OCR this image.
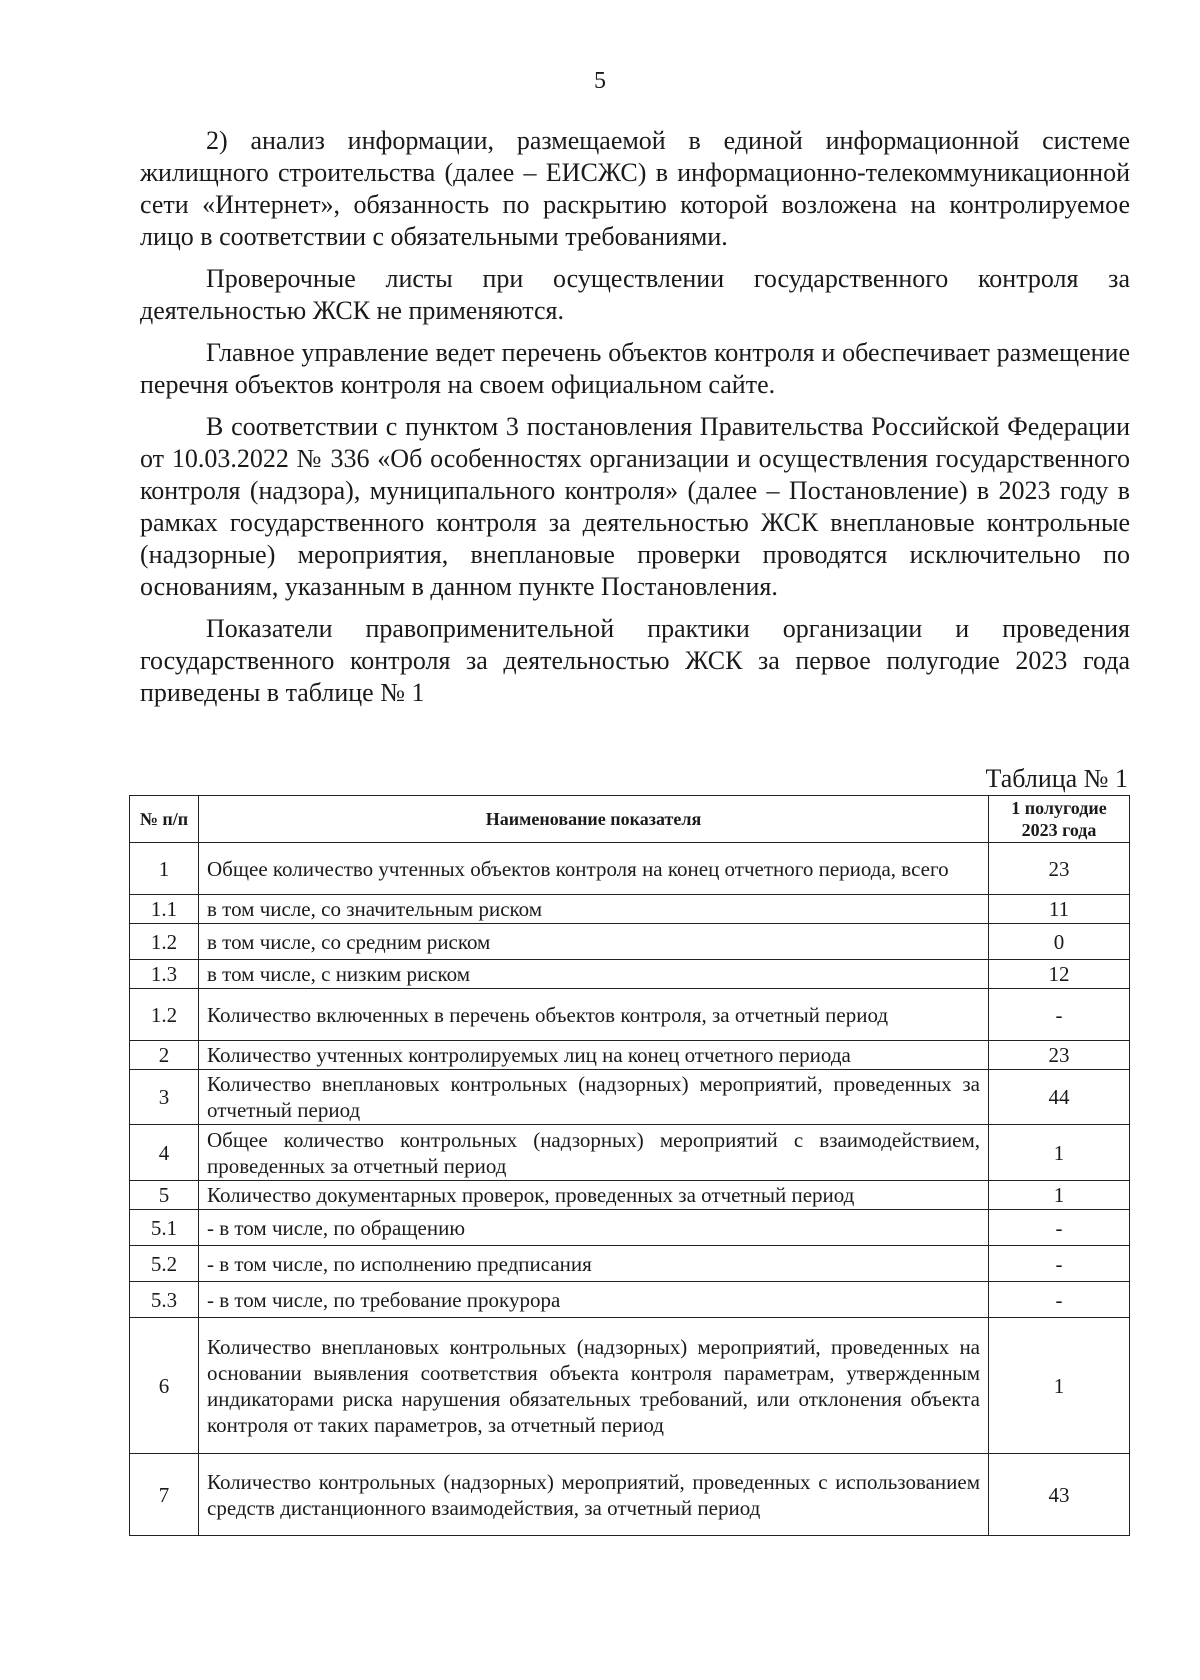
5

2) анализ информации, размещаемой в единой информационной системе жилищного строительства (далее – ЕИСЖС) в информационно-телекоммуникационной сети «Интернет», обязанность по раскрытию которой возложена на контролируемое лицо в соответствии с обязательными требованиями.

Проверочные листы при осуществлении государственного контроля за деятельностью ЖСК не применяются.

Главное управление ведет перечень объектов контроля и обеспечивает размещение перечня объектов контроля на своем официальном сайте.

В соответствии с пунктом 3 постановления Правительства Российской Федерации от 10.03.2022 № 336 «Об особенностях организации и осуществления государственного контроля (надзора), муниципального контроля» (далее – Постановление) в 2023 году в рамках государственного контроля за деятельностью ЖСК внеплановые контрольные (надзорные) мероприятия, внеплановые проверки проводятся исключительно по основаниям, указанным в данном пункте Постановления.

Показатели правоприменительной практики организации и проведения государственного контроля за деятельностью ЖСК за первое полугодие 2023 года приведены в таблице № 1

Таблица № 1
№ п/п	Наименование показателя	1 полугодие 2023 года
1	Общее количество учтенных объектов контроля на конец отчетного периода, всего	23
1.1	в том числе, со значительным риском	11
1.2	в том числе, со средним риском	0
1.3	в том числе, с низким риском	12
1.2	Количество включенных в перечень объектов контроля, за отчетный период	-
2	Количество учтенных контролируемых лиц на конец отчетного периода	23
3	Количество внеплановых контрольных (надзорных) мероприятий, проведенных за отчетный период	44
4	Общее количество контрольных (надзорных) мероприятий с взаимодействием, проведенных за отчетный период	1
5	Количество документарных проверок, проведенных за отчетный период	1
5.1	- в том числе, по обращению	-
5.2	- в том числе, по исполнению предписания	-
5.3	- в том числе, по требование прокурора	-
6	Количество внеплановых контрольных (надзорных) мероприятий, проведенных на основании выявления соответствия объекта контроля параметрам, утвержденным индикаторами риска нарушения обязательных требований, или отклонения объекта контроля от таких параметров, за отчетный период	1
7	Количество контрольных (надзорных) мероприятий, проведенных с использованием средств дистанционного взаимодействия, за отчетный период	43
